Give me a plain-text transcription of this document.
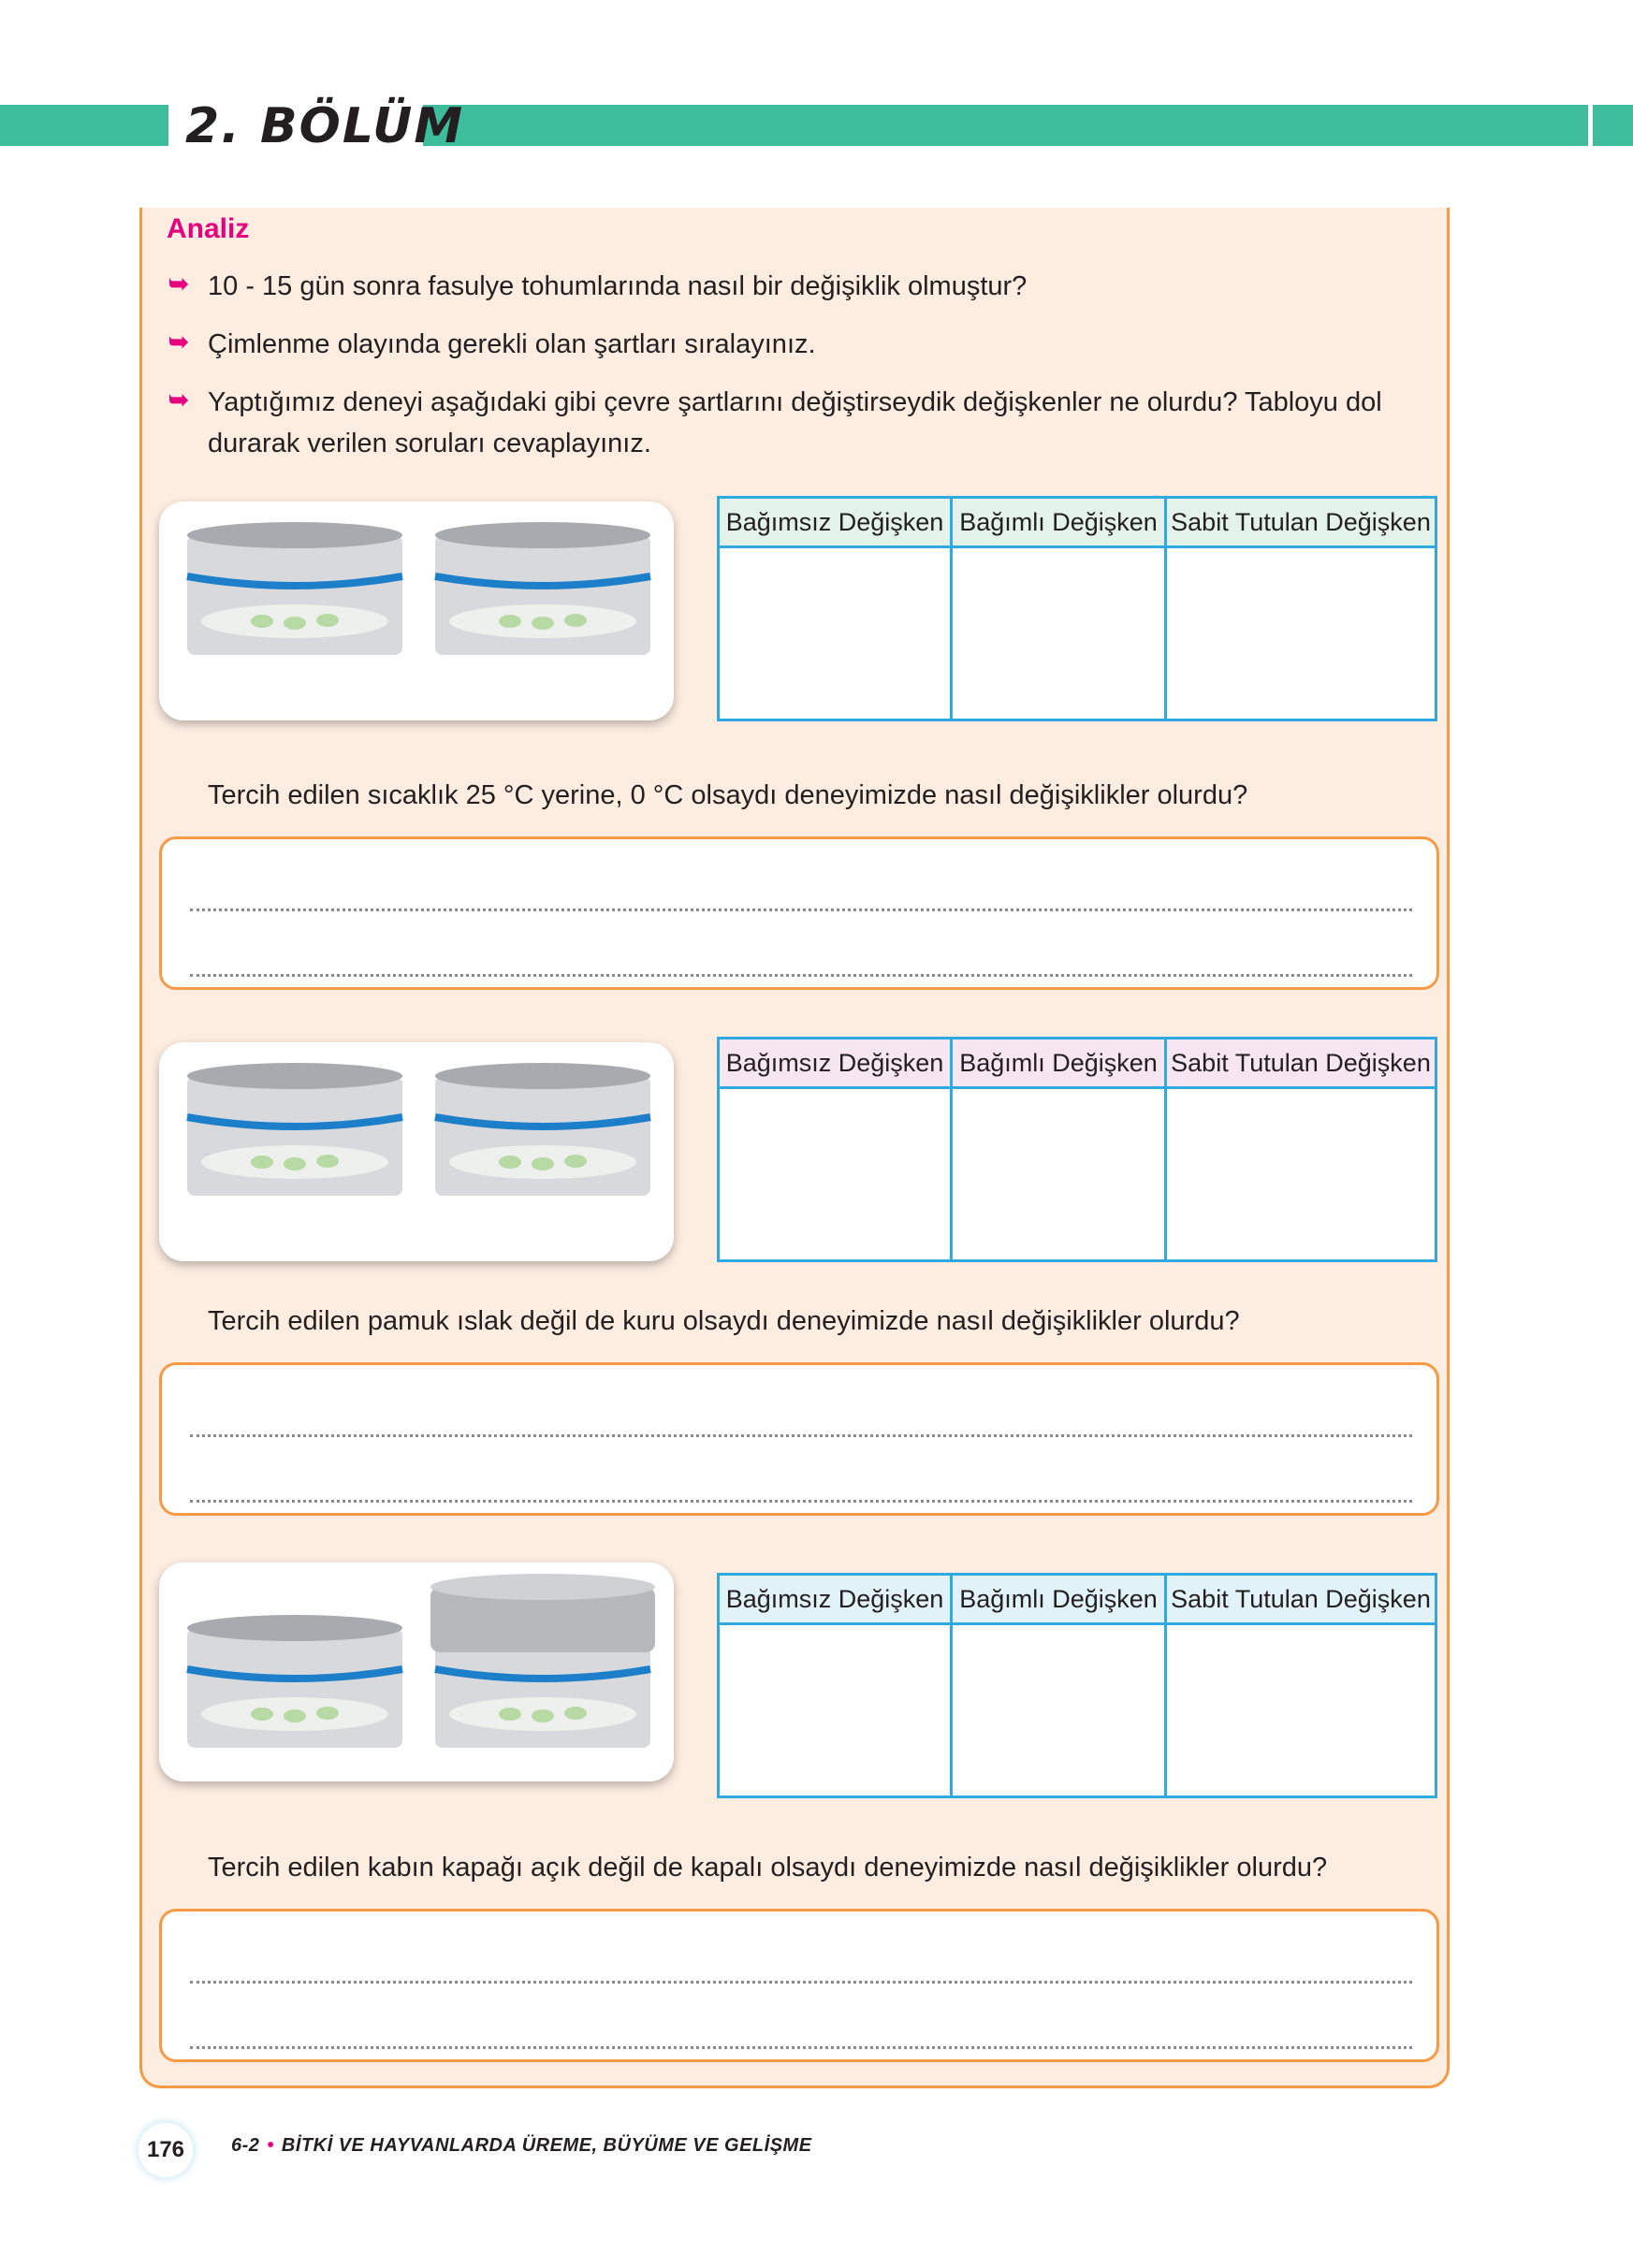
2. BÖLÜM
Analiz
➥ 10 - 15 gün sonra fasulye tohumlarında nasıl bir değişiklik olmuştur?
➥ Çimlenme olayında gerekli olan şartları sıralayınız.
➥ Yaptığımız deneyi aşağıdaki gibi çevre şartlarını değiştirseydik değişkenler ne olurdu? Tabloyu dol durarak verilen soruları cevaplayınız.
Bağımsız Değişken	Bağımlı Değişken	Sabit Tutulan Değişken

Tercih edilen sıcaklık 25 °C yerine, 0 °C olsaydı deneyimizde nasıl değişiklikler olurdu?
Bağımsız Değişken	Bağımlı Değişken	Sabit Tutulan Değişken

Tercih edilen pamuk ıslak değil de kuru olsaydı deneyimizde nasıl değişiklikler olurdu?
Bağımsız Değişken	Bağımlı Değişken	Sabit Tutulan Değişken

Tercih edilen kabın kapağı açık değil de kapalı olsaydı deneyimizde nasıl değişiklikler olurdu?
176	6-2 • BİTKİ VE HAYVANLARDA ÜREME, BÜYÜME VE GELİŞME
